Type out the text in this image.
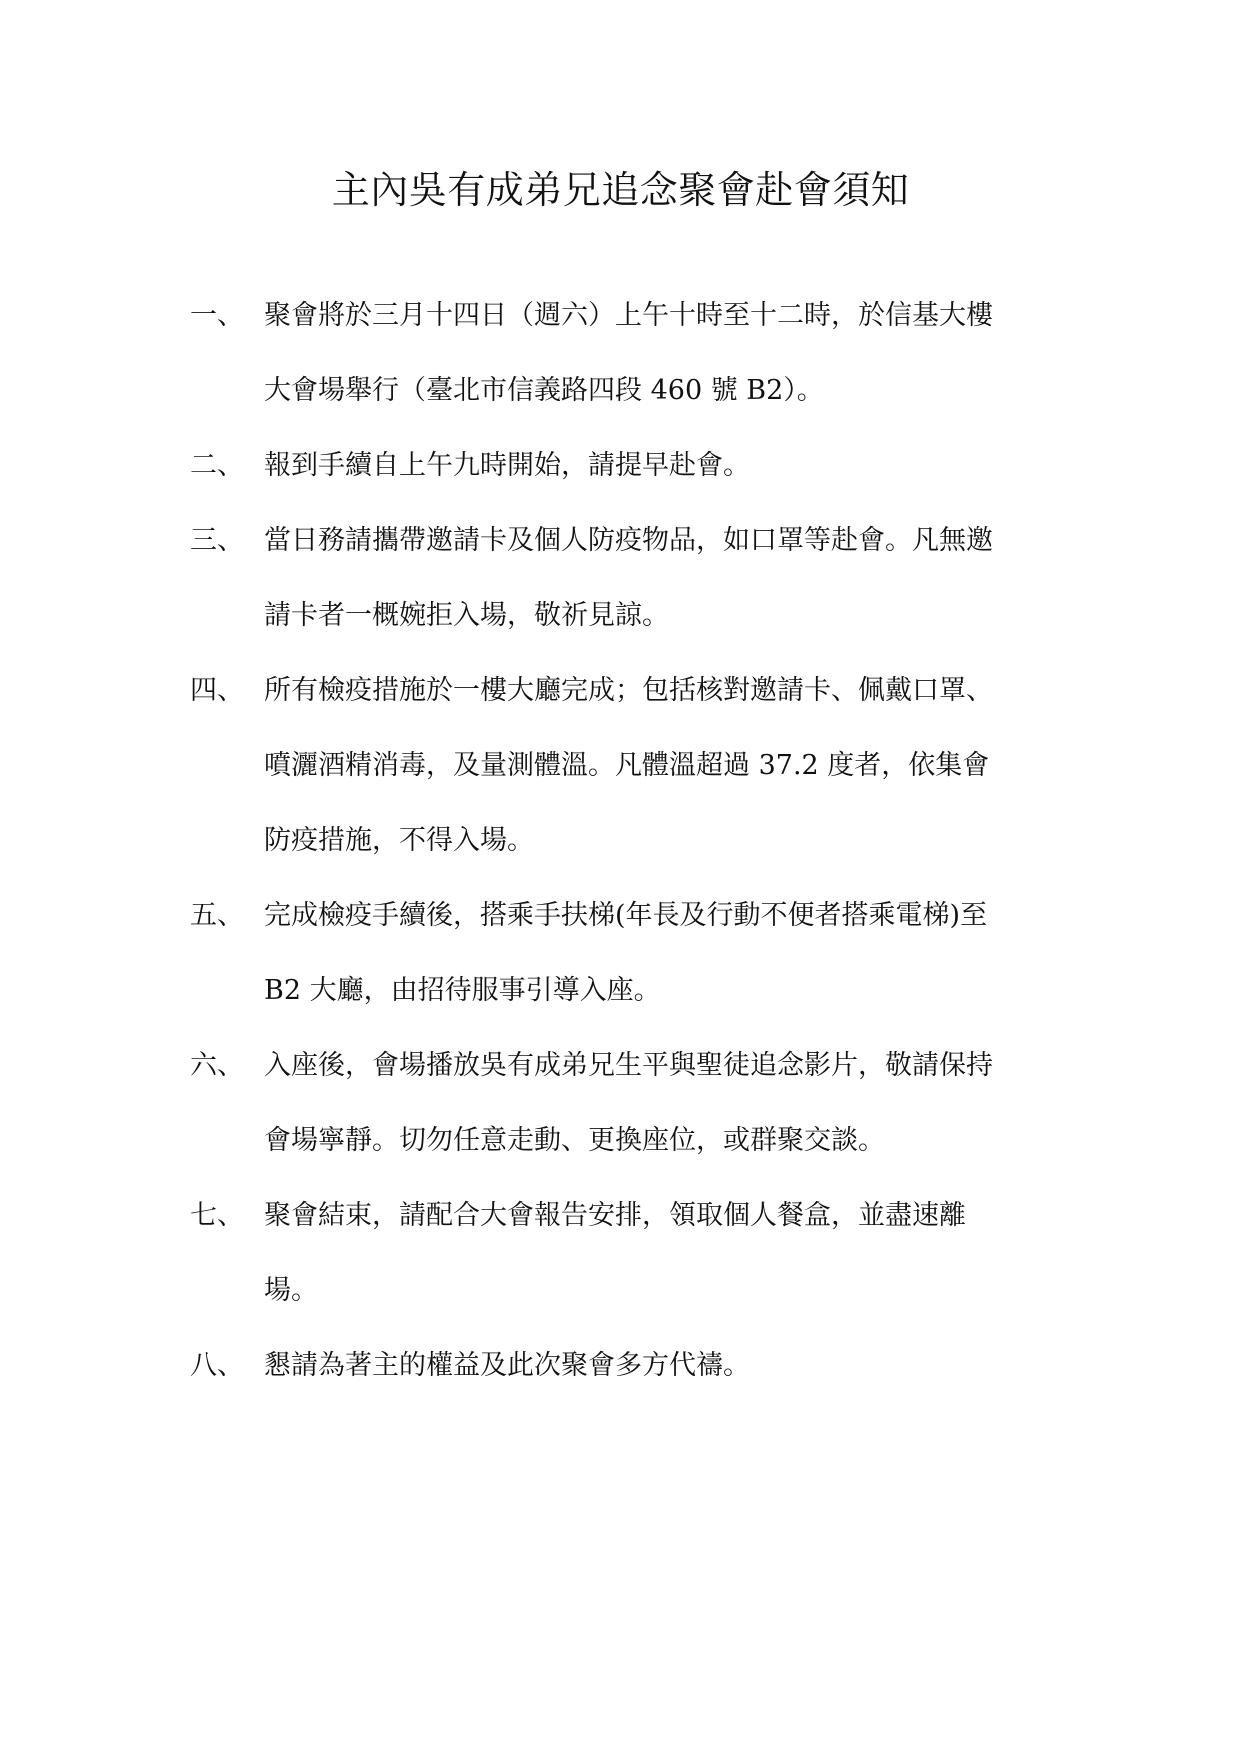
主內吳有成弟兄追念聚會赴會須知
一、 聚會將於三月十四日（週六）上午十時至十二時，於信基大樓
大會場舉行（臺北市信義路四段 460 號 B2）。
二、 報到手續自上午九時開始，請提早赴會。
三、 當日務請攜帶邀請卡及個人防疫物品，如口罩等赴會。凡無邀
請卡者一概婉拒入場，敬祈見諒。
四、 所有檢疫措施於一樓大廳完成；包括核對邀請卡、佩戴口罩、
噴灑酒精消毒，及量測體溫。凡體溫超過 37.2 度者，依集會
防疫措施，不得入場。
五、 完成檢疫手續後，搭乘手扶梯(年長及行動不便者搭乘電梯)至
B2 大廳，由招待服事引導入座。
六、 入座後，會場播放吳有成弟兄生平與聖徒追念影片，敬請保持
會場寧靜。切勿任意走動、更換座位，或群聚交談。
七、 聚會結束，請配合大會報告安排，領取個人餐盒，並盡速離
場。
八、 懇請為著主的權益及此次聚會多方代禱。
